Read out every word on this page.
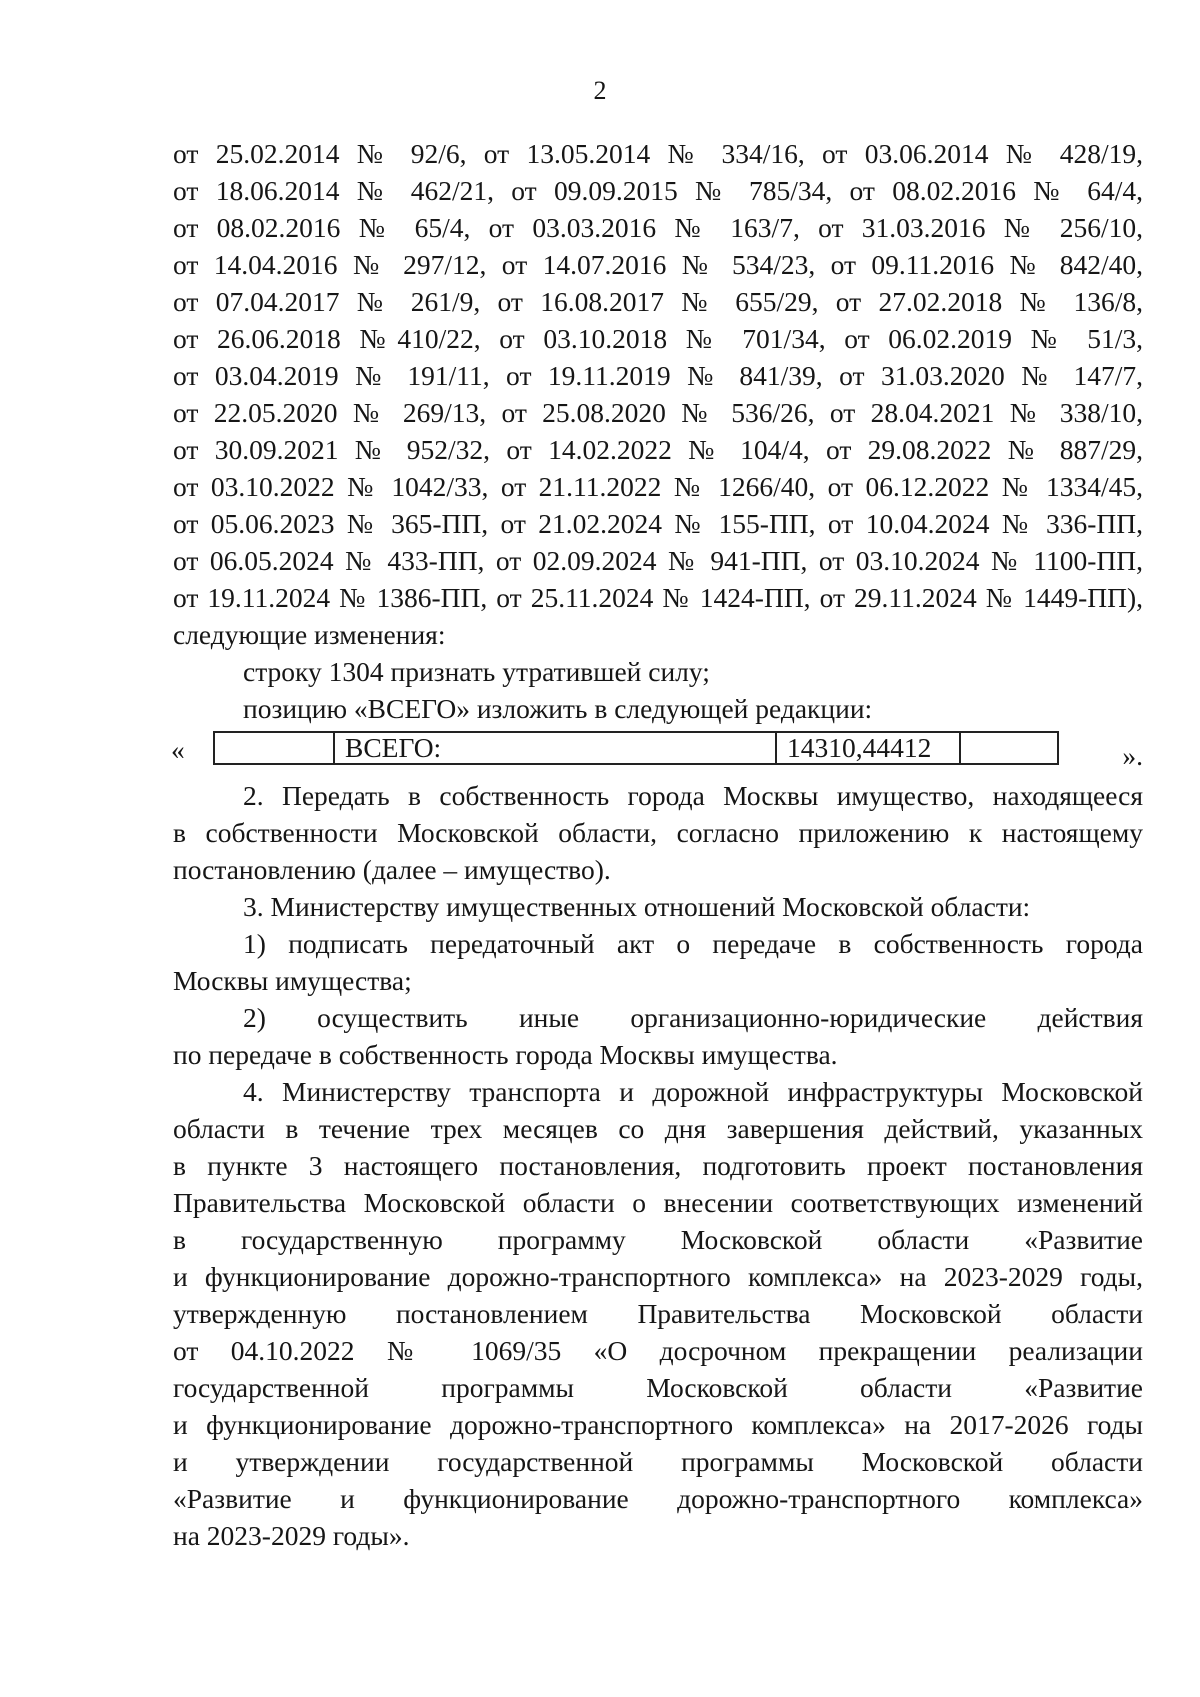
2
от 25.02.2014 № 92/6, от 13.05.2014 № 334/16, от 03.06.2014 № 428/19,
от 18.06.2014 № 462/21, от 09.09.2015 № 785/34, от 08.02.2016 № 64/4,
от 08.02.2016 № 65/4, от 03.03.2016 № 163/7, от 31.03.2016 № 256/10,
от 14.04.2016 № 297/12, от 14.07.2016 № 534/23, от 09.11.2016 № 842/40,
от 07.04.2017 № 261/9, от 16.08.2017 № 655/29, от 27.02.2018 № 136/8,
от 26.06.2018 №410/22, от 03.10.2018 № 701/34, от 06.02.2019 № 51/3,
от 03.04.2019 № 191/11, от 19.11.2019 № 841/39, от 31.03.2020 № 147/7,
от 22.05.2020 № 269/13, от 25.08.2020 № 536/26, от 28.04.2021 № 338/10,
от 30.09.2021 № 952/32, от 14.02.2022 № 104/4, от 29.08.2022 № 887/29,
от 03.10.2022 № 1042/33, от 21.11.2022 № 1266/40, от 06.12.2022 № 1334/45,
от 05.06.2023 № 365-ПП, от 21.02.2024 № 155-ПП, от 10.04.2024 № 336-ПП,
от 06.05.2024 № 433-ПП, от 02.09.2024 № 941-ПП, от 03.10.2024 № 1100-ПП,
от 19.11.2024 № 1386-ПП, от 25.11.2024 № 1424-ПП, от 29.11.2024 № 1449-ПП),
следующие изменения:
строку 1304 признать утратившей силу;
позицию «ВСЕГО» изложить в следующей редакции:
«	ВСЕГО:	14310,44412	».
2. Передать в собственность города Москвы имущество, находящееся
в собственности Московской области, согласно приложению к настоящему
постановлению (далее – имущество).
3. Министерству имущественных отношений Московской области:
1) подписать передаточный акт о передаче в собственность города
Москвы имущества;
2) осуществить иные организационно-юридические действия
по передаче в собственность города Москвы имущества.
4. Министерству транспорта и дорожной инфраструктуры Московской
области в течение трех месяцев со дня завершения действий, указанных
в пункте 3 настоящего постановления, подготовить проект постановления
Правительства Московской области о внесении соответствующих изменений
в государственную программу Московской области «Развитие
и функционирование дорожно-транспортного комплекса» на 2023-2029 годы,
утвержденную постановлением Правительства Московской области
от 04.10.2022 № 1069/35 «О досрочном прекращении реализации
государственной программы Московской области «Развитие
и функционирование дорожно-транспортного комплекса» на 2017-2026 годы
и утверждении государственной программы Московской области
«Развитие и функционирование дорожно-транспортного комплекса»
на 2023-2029 годы».
